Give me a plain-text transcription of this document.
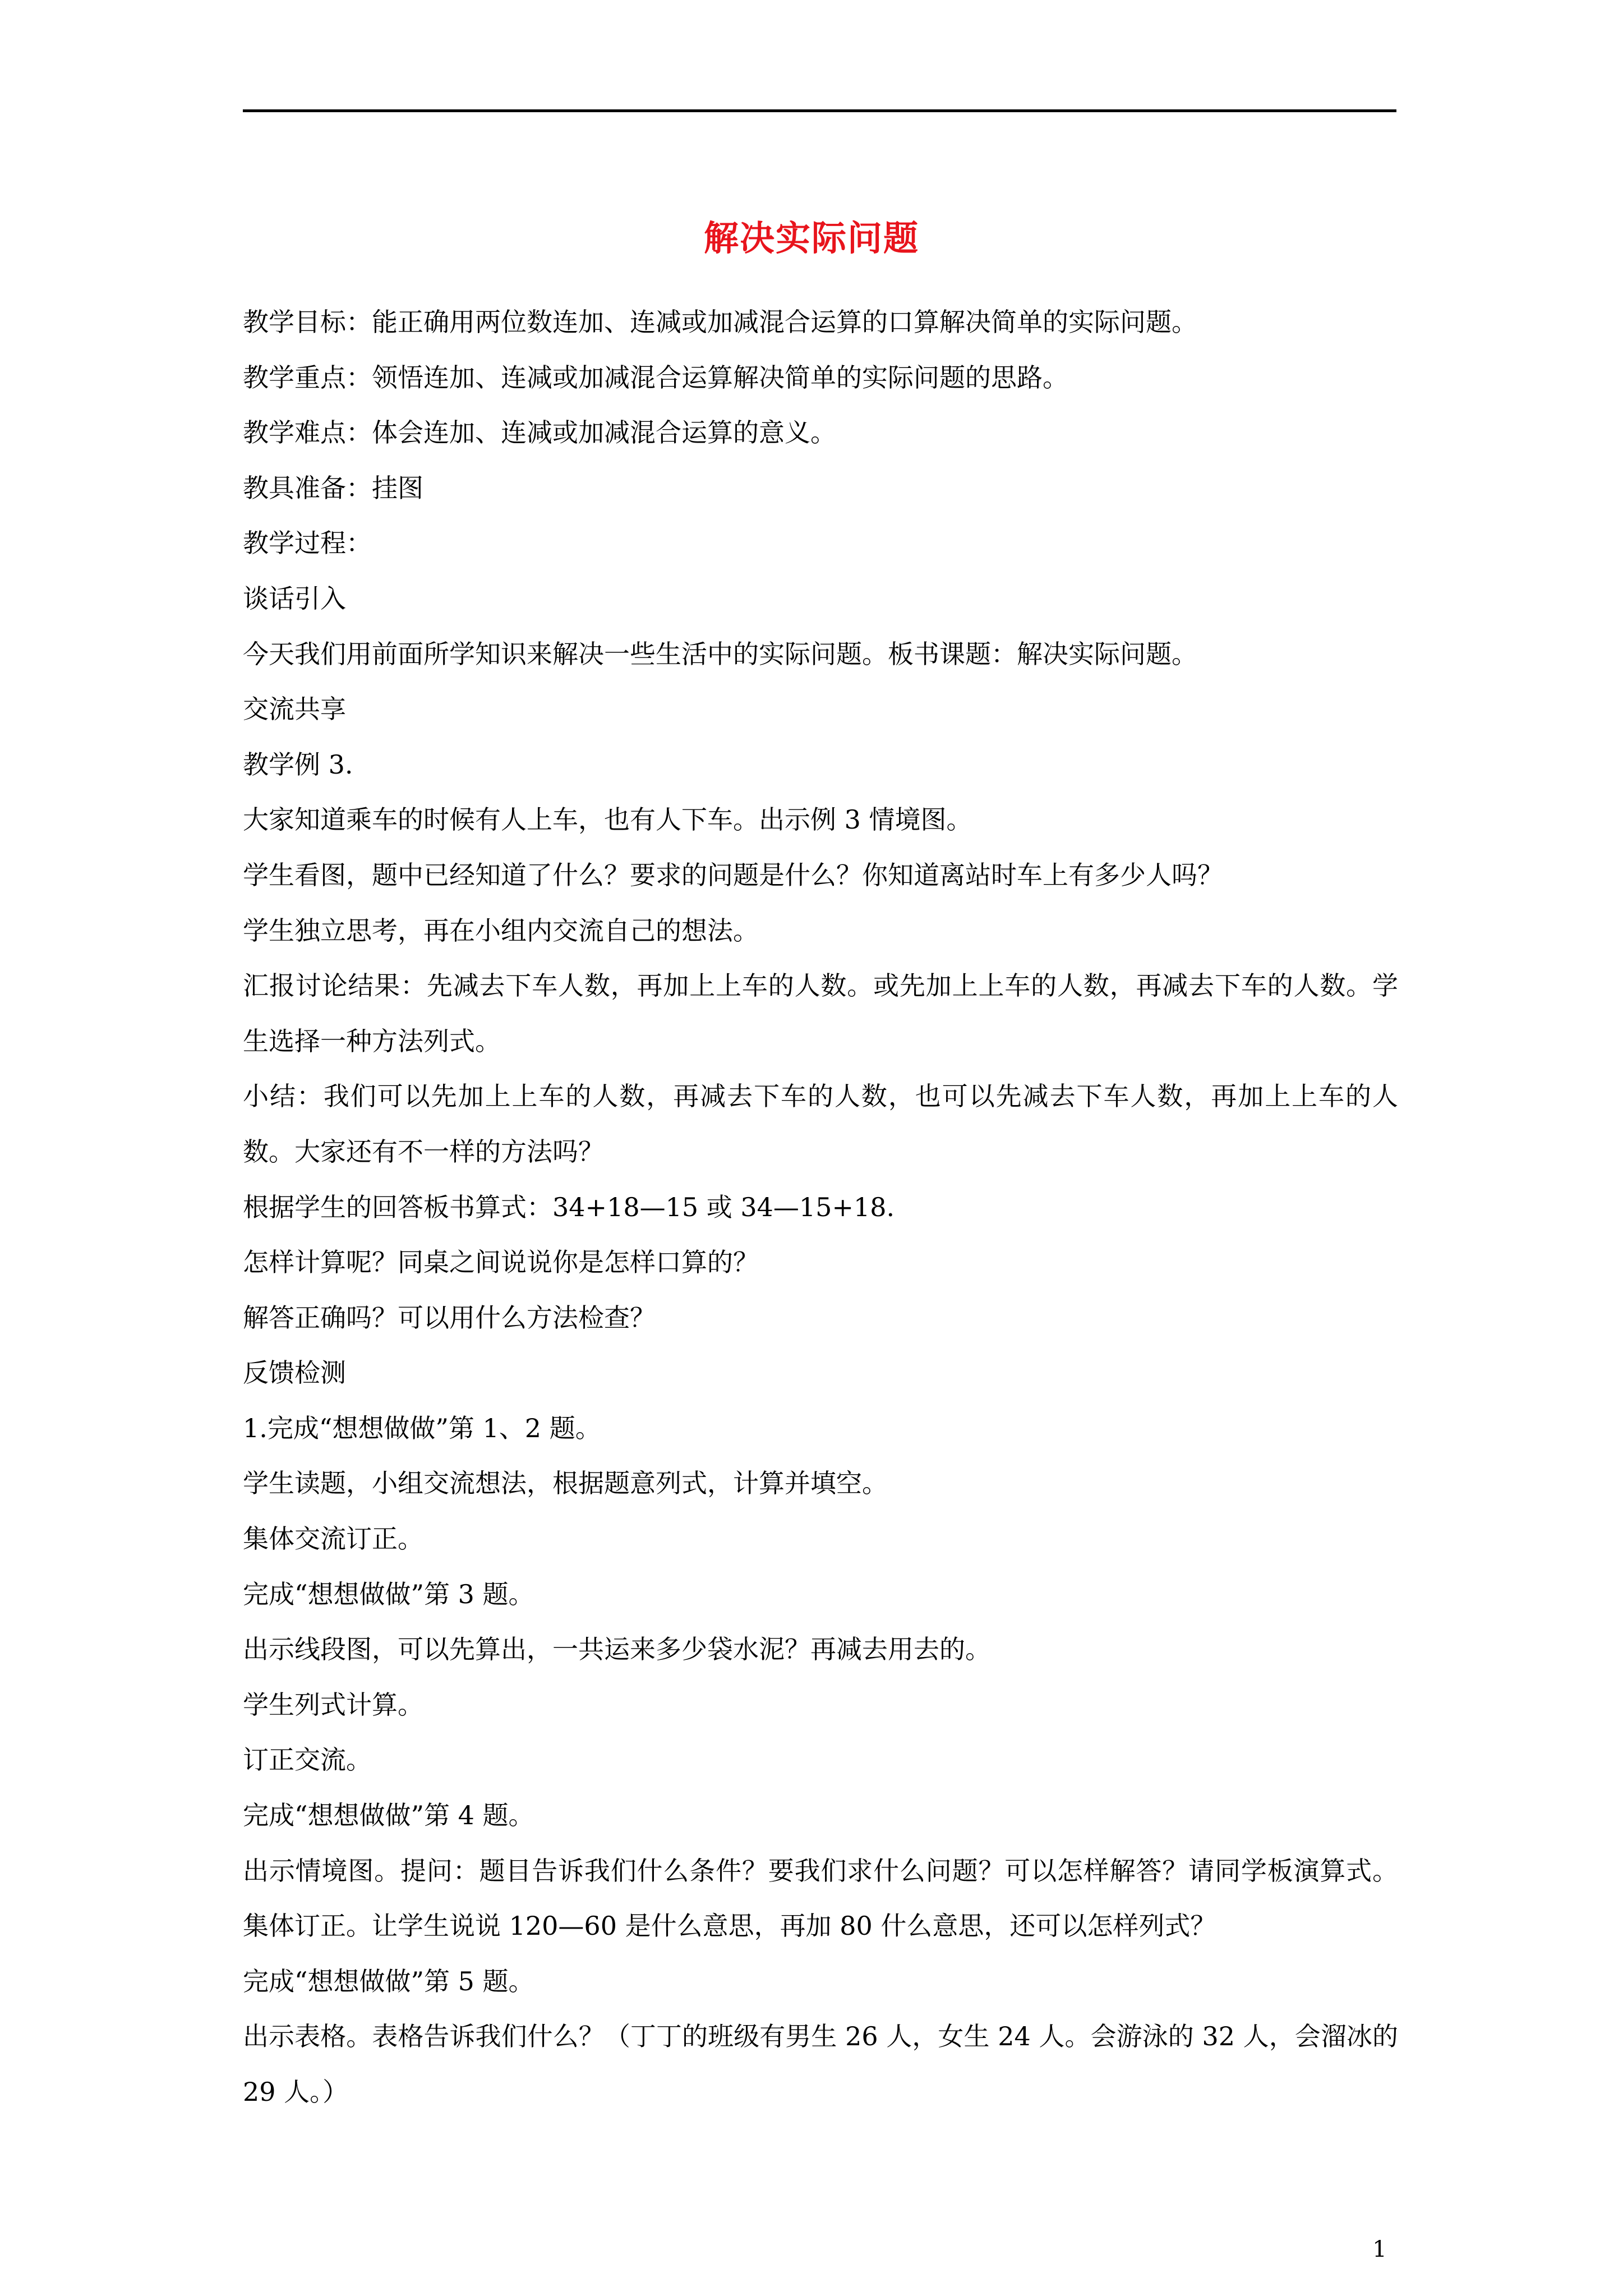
解决实际问题

教学目标：能正确用两位数连加、连减或加减混合运算的口算解决简单的实际问题。

教学重点：领悟连加、连减或加减混合运算解决简单的实际问题的思路。

教学难点：体会连加、连减或加减混合运算的意义。

教具准备：挂图

教学过程：

谈话引入

今天我们用前面所学知识来解决一些生活中的实际问题。板书课题：解决实际问题。

交流共享

教学例 3.

大家知道乘车的时候有人上车，也有人下车。出示例 3 情境图。

学生看图，题中已经知道了什么？要求的问题是什么？你知道离站时车上有多少人吗？

学生独立思考，再在小组内交流自己的想法。

汇报讨论结果：先减去下车人数，再加上上车的人数。或先加上上车的人数，再减去下车的人数。学生选择一种方法列式。

小结：我们可以先加上上车的人数，再减去下车的人数，也可以先减去下车人数，再加上上车的人数。大家还有不一样的方法吗？

根据学生的回答板书算式：34+18—15 或 34—15+18.

怎样计算呢？同桌之间说说你是怎样口算的？

解答正确吗？可以用什么方法检查？

反馈检测

1.完成“想想做做”第 1、2 题。

学生读题，小组交流想法，根据题意列式，计算并填空。

集体交流订正。

完成“想想做做”第 3 题。

出示线段图，可以先算出，一共运来多少袋水泥？再减去用去的。

学生列式计算。

订正交流。

完成“想想做做”第 4 题。

出示情境图。提问：题目告诉我们什么条件？要我们求什么问题？可以怎样解答？请同学板演算式。集体订正。让学生说说 120—60 是什么意思，再加 80 什么意思，还可以怎样列式？

完成“想想做做”第 5 题。

出示表格。表格告诉我们什么？（丁丁的班级有男生 26 人，女生 24 人。会游泳的 32 人，会溜冰的 29 人。）

1
